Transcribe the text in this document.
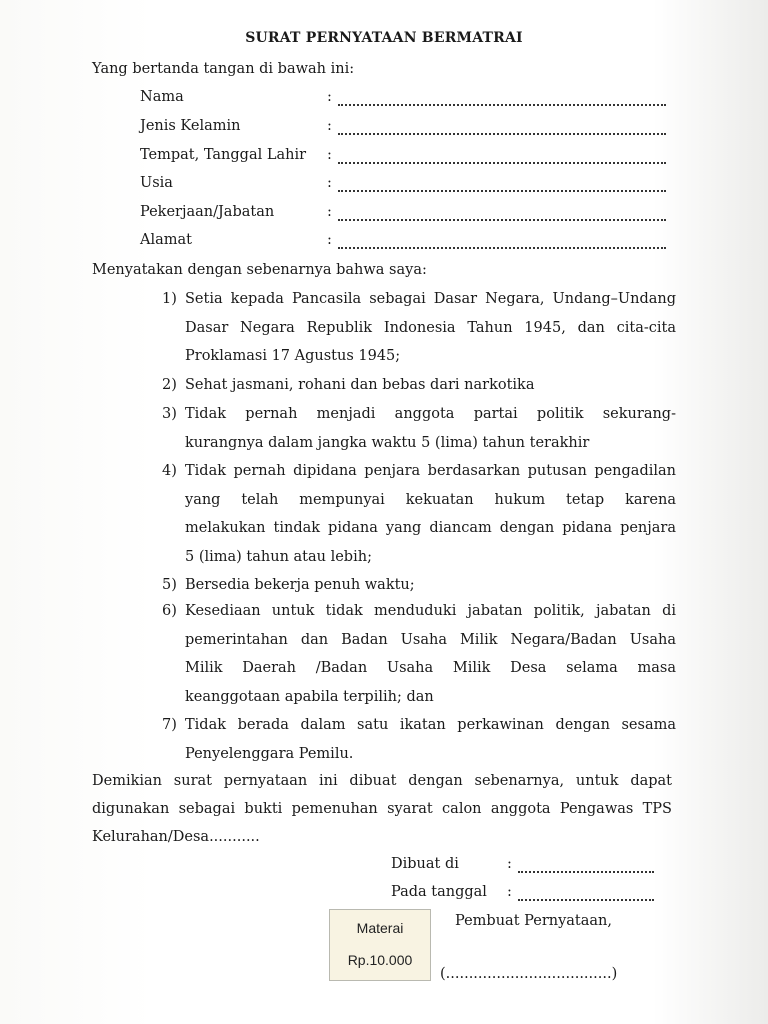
SURAT PERNYATAAN BERMATRAI
Yang bertanda tangan di bawah ini:
Nama	:
Jenis Kelamin	:
Tempat, Tanggal Lahir :
Usia	:
Pekerjaan/Jabatan	:
Alamat	:
Menyatakan dengan sebenarnya bahwa saya:
1) Setia kepada Pancasila sebagai Dasar Negara, Undang–Undang
Dasar Negara Republik Indonesia Tahun 1945, dan cita-cita
Proklamasi 17 Agustus 1945;
2) Sehat jasmani, rohani dan bebas dari narkotika
3) Tidak pernah menjadi anggota partai politik sekurang-
kurangnya dalam jangka waktu 5 (lima) tahun terakhir
4) Tidak pernah dipidana penjara berdasarkan putusan pengadilan
yang telah mempunyai kekuatan hukum tetap karena
melakukan tindak pidana yang diancam dengan pidana penjara
5 (lima) tahun atau lebih;
5) Bersedia bekerja penuh waktu;
6) Kesediaan untuk tidak menduduki jabatan politik, jabatan di
pemerintahan dan Badan Usaha Milik Negara/Badan Usaha
Milik Daerah /Badan Usaha Milik Desa selama masa
keanggotaan apabila terpilih; dan
7) Tidak berada dalam satu ikatan perkawinan dengan sesama
Penyelenggara Pemilu.
Demikian surat pernyataan ini dibuat dengan sebenarnya, untuk dapat
digunakan sebagai bukti pemenuhan syarat calon anggota Pengawas TPS
Kelurahan/Desa...........
Dibuat di	:
Pada tanggal :
Materai
Rp.10.000
Pembuat Pernyataan,
(....................................)
